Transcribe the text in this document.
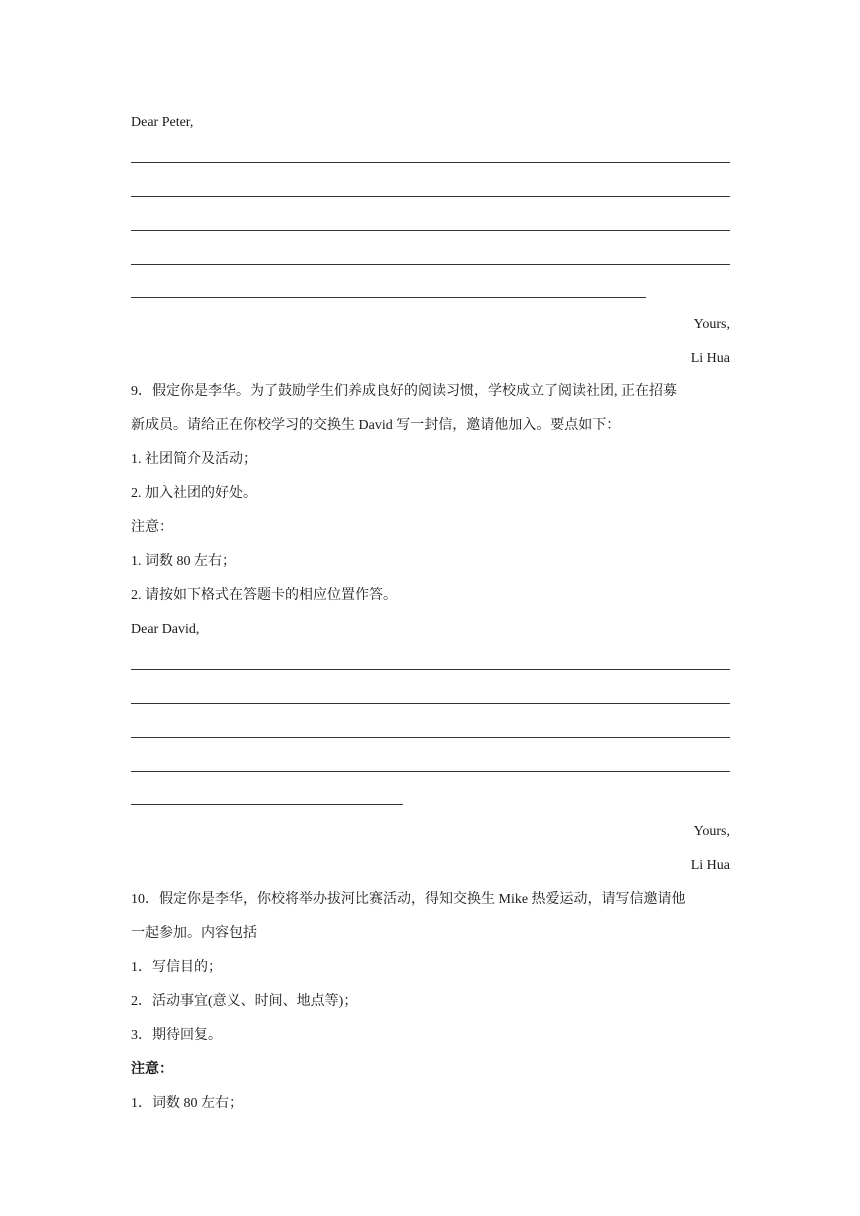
Dear Peter,
Yours,
Li Hua
9．假定你是李华。为了鼓励学生们养成良好的阅读习惯，学校成立了阅读社团, 正在招募
新成员。请给正在你校学习的交换生 David 写一封信，邀请他加入。要点如下：
1. 社团简介及活动；
2. 加入社团的好处。
注意：
1. 词数 80 左右；
2. 请按如下格式在答题卡的相应位置作答。
Dear David,
Yours,
Li Hua
10．假定你是李华，你校将举办拔河比赛活动，得知交换生 Mike 热爱运动，请写信邀请他
一起参加。内容包括
1．写信目的；
2．活动事宜(意义、时间、地点等)；
3．期待回复。
注意：
1．词数 80 左右；
